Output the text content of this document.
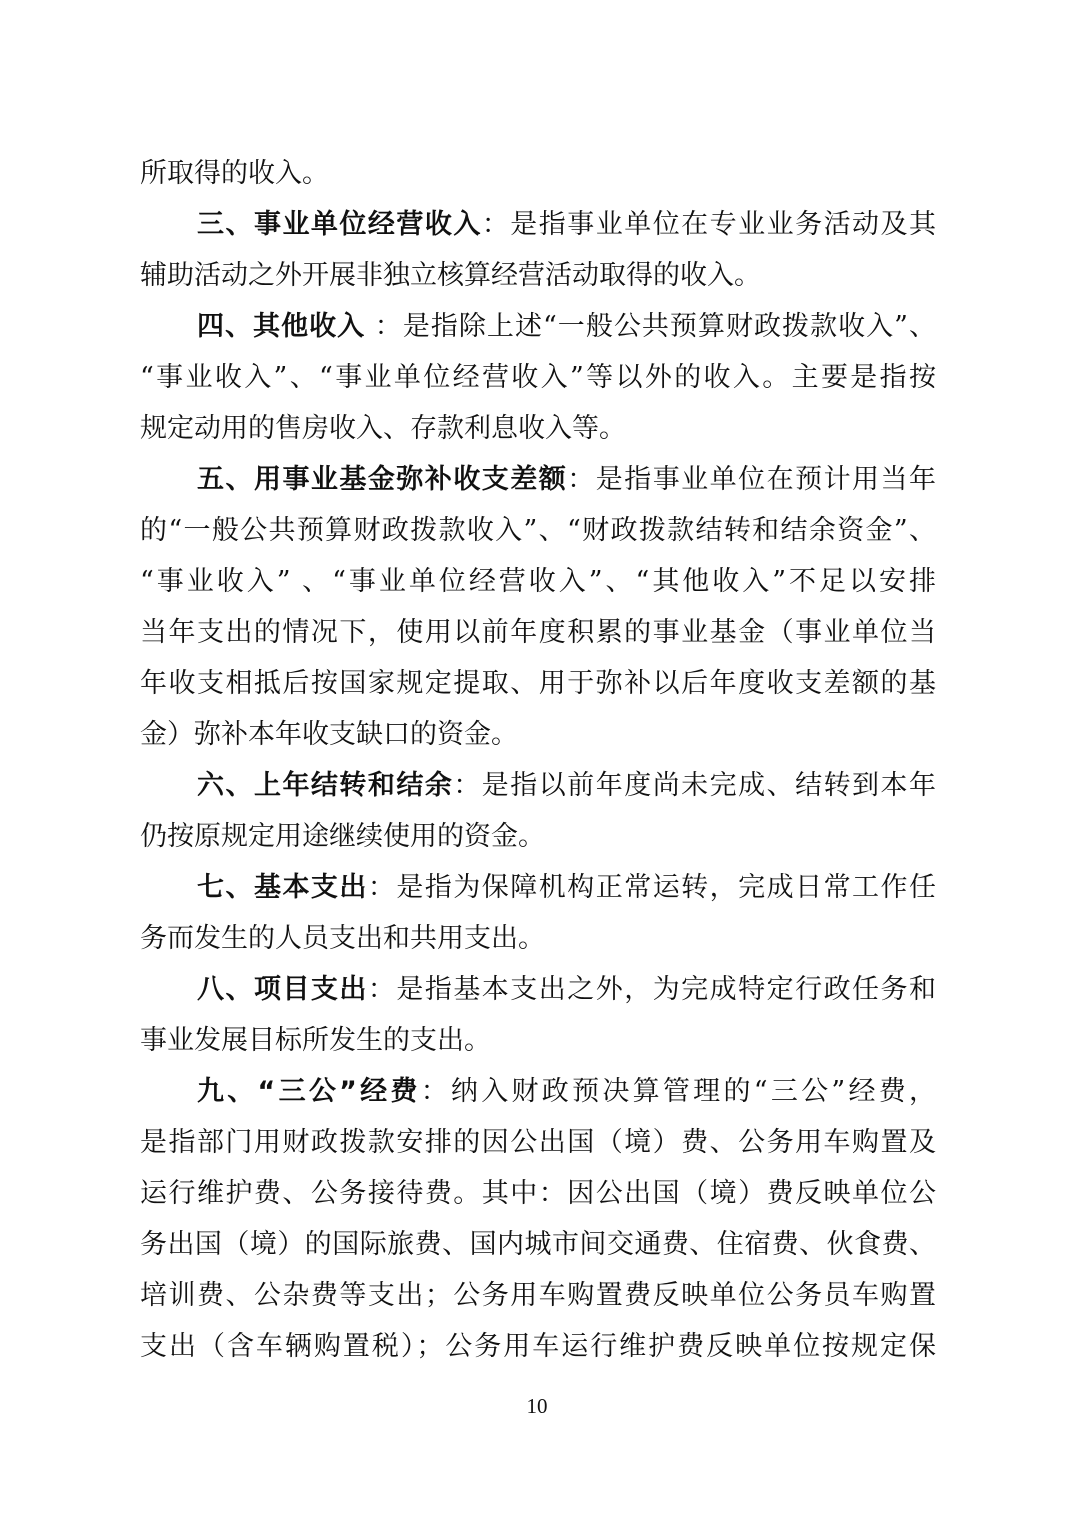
所取得的收入。
三、事业单位经营收入：是指事业单位在专业业务活动及其
辅助活动之外开展非独立核算经营活动取得的收入。
四、其他收入 ：是指除上述“一般公共预算财政拨款收入”、
“事业收入”、“事业单位经营收入”等以外的收入。主要是指按
规定动用的售房收入、存款利息收入等。
五、用事业基金弥补收支差额：是指事业单位在预计用当年
的“一般公共预算财政拨款收入”、“财政拨款结转和结余资金”、
“事业收入” 、“事业单位经营收入”、“其他收入”不足以安排
当年支出的情况下，使用以前年度积累的事业基金（事业单位当
年收支相抵后按国家规定提取、用于弥补以后年度收支差额的基
金）弥补本年收支缺口的资金。
六、上年结转和结余：是指以前年度尚未完成、结转到本年
仍按原规定用途继续使用的资金。
七、基本支出：是指为保障机构正常运转，完成日常工作任
务而发生的人员支出和共用支出。
八、项目支出：是指基本支出之外，为完成特定行政任务和
事业发展目标所发生的支出。
九、“三公”经费：纳入财政预决算管理的“三公”经费，
是指部门用财政拨款安排的因公出国（境）费、公务用车购置及
运行维护费、公务接待费。其中：因公出国（境）费反映单位公
务出国（境）的国际旅费、国内城市间交通费、住宿费、伙食费、
培训费、公杂费等支出；公务用车购置费反映单位公务员车购置
支出（含车辆购置税）；公务用车运行维护费反映单位按规定保
10
